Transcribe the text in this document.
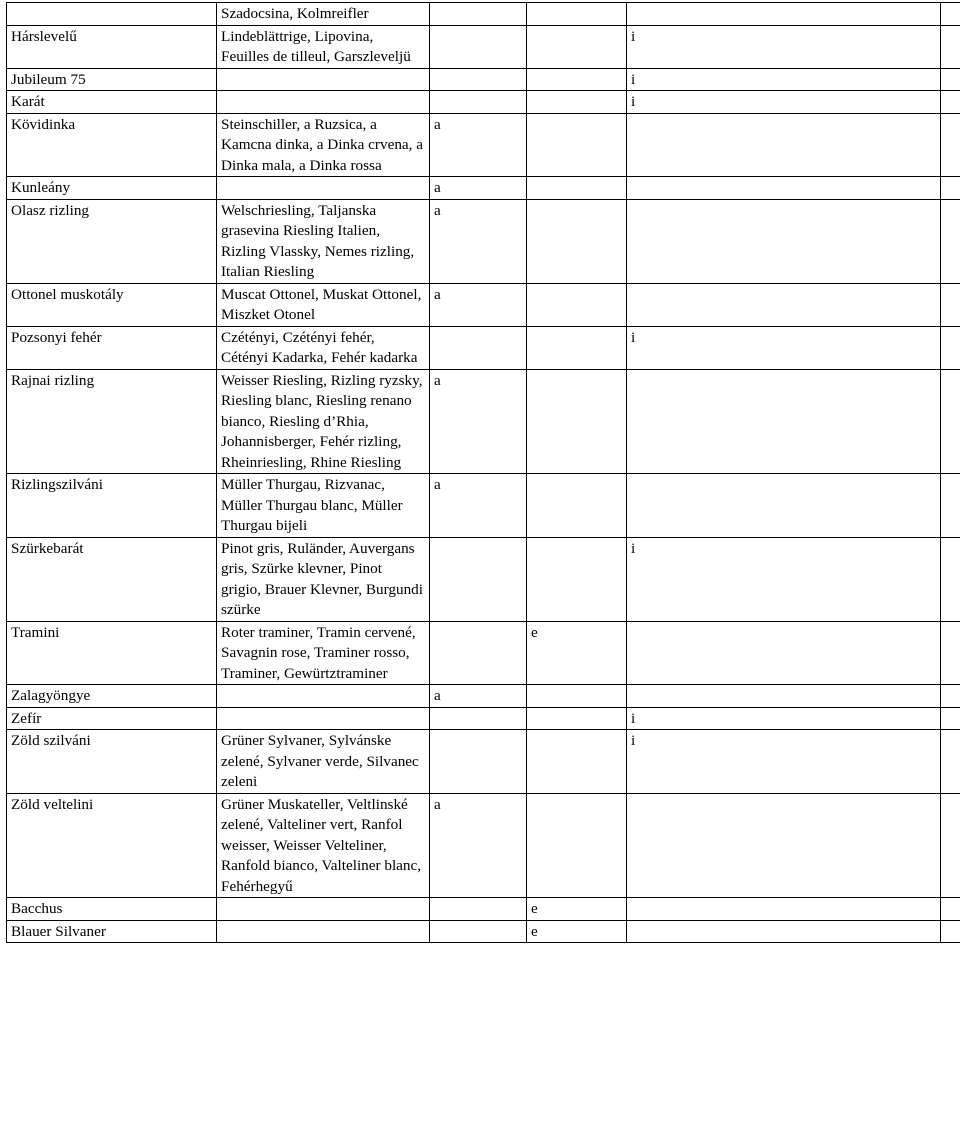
	Szadocsina, Kolmreifler				
Hárslevelű	Lindeblättrige, Lipovina, Feuilles de tilleul, Garszleveljü			i	
Jubileum 75				i	
Karát				i	
Kövidinka	Steinschiller, a Ruzsica, a Kamcna dinka, a Dinka crvena, a Dinka mala, a Dinka rossa	a			
Kunleány		a			
Olasz rizling	Welschriesling, Taljanska grasevina Riesling Italien, Rizling Vlassky, Nemes rizling, Italian Riesling	a			
Ottonel muskotály	Muscat Ottonel, Muskat Ottonel, Miszket Otonel	a			
Pozsonyi fehér	Czétényi, Czétényi fehér, Cétényi Kadarka, Fehér kadarka			i	
Rajnai rizling	Weisser Riesling, Rizling ryzsky, Riesling blanc, Riesling renano bianco, Riesling d’Rhia, Johannisberger, Fehér rizling, Rheinriesling, Rhine Riesling	a			
Rizlingszilváni	Müller Thurgau, Rizvanac, Müller Thurgau blanc, Müller Thurgau bijeli	a			
Szürkebarát	Pinot gris, Ruländer, Auvergans gris, Szürke klevner, Pinot grigio, Brauer Klevner, Burgundi szürke			i	
Tramini	Roter traminer, Tramin cervené, Savagnin rose, Traminer rosso, Traminer, Gewürtztraminer		e		
Zalagyöngye		a			
Zefír				i	
Zöld szilváni	Grüner Sylvaner, Sylvánske zelené, Sylvaner verde, Silvanec zeleni			i	
Zöld veltelini	Grüner Muskateller, Veltlinské zelené, Valteliner vert, Ranfol weisser, Weisser Velteliner, Ranfold bianco, Valteliner blanc, Fehérhegyű	a			
Bacchus			e		
Blauer Silvaner			e		
